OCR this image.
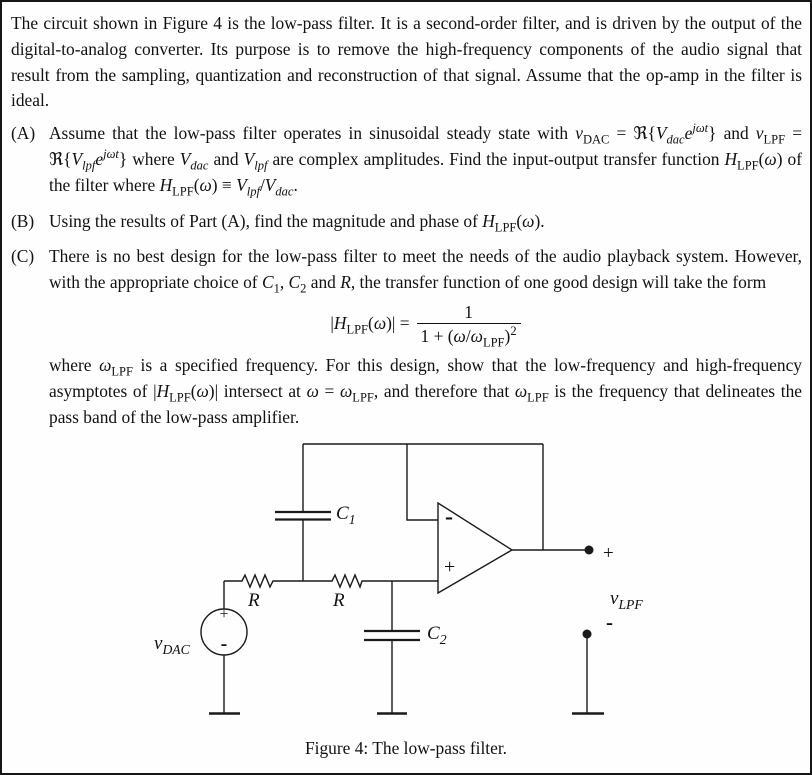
The circuit shown in Figure 4 is the low-pass filter. It is a second-order filter, and is driven by the output of the digital-to-analog converter. Its purpose is to remove the high-frequency components of the audio signal that result from the sampling, quantization and reconstruction of that signal. Assume that the op-amp in the filter is ideal.
(A) Assume that the low-pass filter operates in sinusoidal steady state with $v_{DAC}$ = $ℜ\{V_{dac}e^{j\omega t}\}$ and $v_{LPF}$ = $ℜ\{V_{lpf}e^{j\omega t}\}$ where $V_{dac}$ and $V_{lpf}$ are complex amplitudes. Find the input-output transfer function $H_{LPF}(\omega)$ of the filter where $H_{LPF}(\omega) \equiv V_{lpf}/V_{dac}$.
(B) Using the results of Part (A), find the magnitude and phase of $H_{LPF}(\omega)$.
(C) There is no best design for the low-pass filter to meet the needs of the audio playback system. However, with the appropriate choice of $C_1$, $C_2$ and R, the transfer function of one good design will take the form
$|H_{LPF}(\omega)| = \frac{1}{1 + (\omega/\omega_{LPF})^2}$
where $\omega_{LPF}$ is a specified frequency. For this design, show that the low-frequency and high-frequency asymptotes of $|H_{LPF}(\omega)|$ intersect at $\omega = \omega_{LPF}$, and therefore that $\omega_{LPF}$ is the frequency that delineates the pass band of the low-pass amplifier.
$C_1$
$C_2$
R	R
$v_{DAC}$
$v_{LPF}$
-
+
+
-
+
-
Figure 4: The low-pass filter.
